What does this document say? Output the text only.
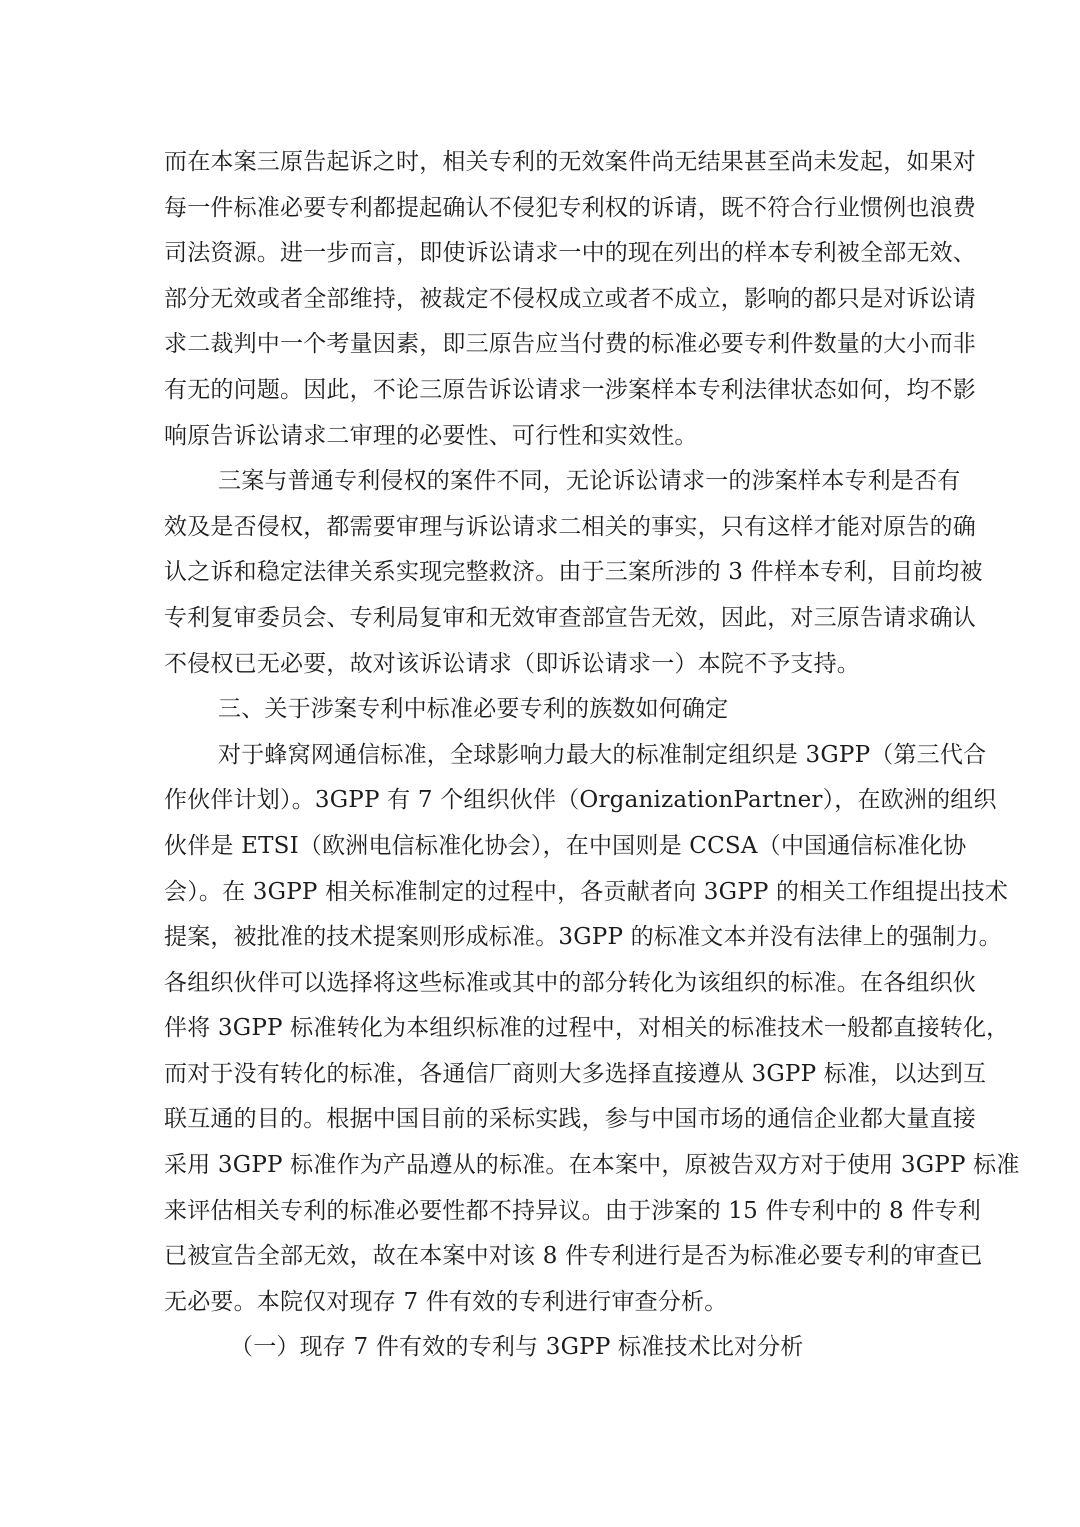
而在本案三原告起诉之时，相关专利的无效案件尚无结果甚至尚未发起，如果对
每一件标准必要专利都提起确认不侵犯专利权的诉请，既不符合行业惯例也浪费
司法资源。进一步而言，即使诉讼请求一中的现在列出的样本专利被全部无效、
部分无效或者全部维持，被裁定不侵权成立或者不成立，影响的都只是对诉讼请
求二裁判中一个考量因素，即三原告应当付费的标准必要专利件数量的大小而非
有无的问题。因此，不论三原告诉讼请求一涉案样本专利法律状态如何，均不影
响原告诉讼请求二审理的必要性、可行性和实效性。
三案与普通专利侵权的案件不同，无论诉讼请求一的涉案样本专利是否有
效及是否侵权，都需要审理与诉讼请求二相关的事实，只有这样才能对原告的确
认之诉和稳定法律关系实现完整救济。由于三案所涉的 3 件样本专利，目前均被
专利复审委员会、专利局复审和无效审查部宣告无效，因此，对三原告请求确认
不侵权已无必要，故对该诉讼请求（即诉讼请求一）本院不予支持。
三、关于涉案专利中标准必要专利的族数如何确定
对于蜂窝网通信标准，全球影响力最大的标准制定组织是 3GPP（第三代合
作伙伴计划）。3GPP 有 7 个组织伙伴（OrganizationPartner），在欧洲的组织
伙伴是 ETSI（欧洲电信标准化协会），在中国则是 CCSA（中国通信标准化协
会）。在 3GPP 相关标准制定的过程中，各贡献者向 3GPP 的相关工作组提出技术
提案，被批准的技术提案则形成标准。3GPP 的标准文本并没有法律上的强制力。
各组织伙伴可以选择将这些标准或其中的部分转化为该组织的标准。在各组织伙
伴将 3GPP 标准转化为本组织标准的过程中，对相关的标准技术一般都直接转化，
而对于没有转化的标准，各通信厂商则大多选择直接遵从 3GPP 标准，以达到互
联互通的目的。根据中国目前的采标实践，参与中国市场的通信企业都大量直接
采用 3GPP 标准作为产品遵从的标准。在本案中，原被告双方对于使用 3GPP 标准
来评估相关专利的标准必要性都不持异议。由于涉案的 15 件专利中的 8 件专利
已被宣告全部无效，故在本案中对该 8 件专利进行是否为标准必要专利的审查已
无必要。本院仅对现存 7 件有效的专利进行审查分析。
（一）现存 7 件有效的专利与 3GPP 标准技术比对分析
